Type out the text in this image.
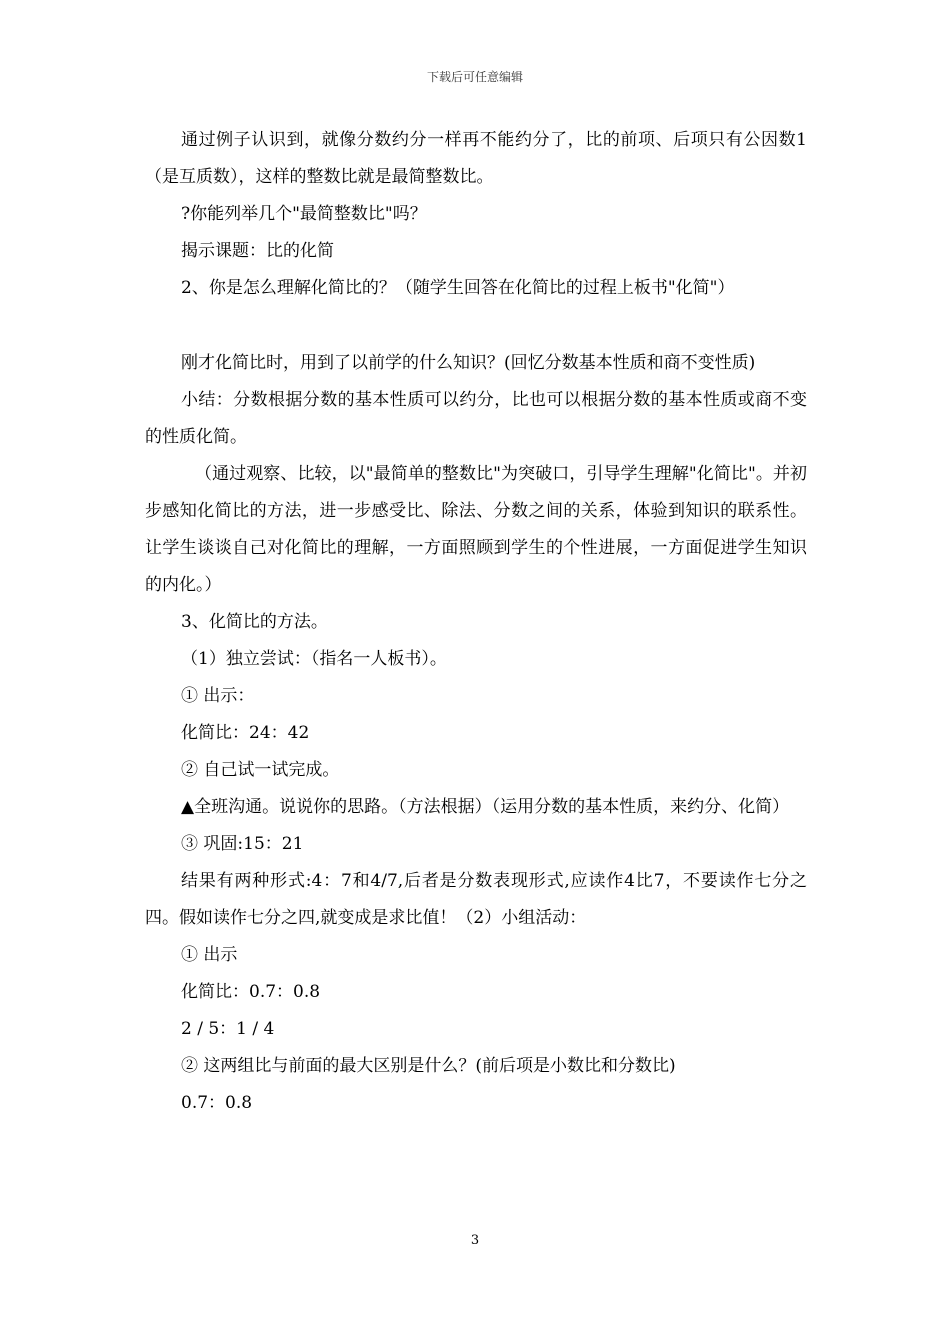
下载后可任意编辑

通过例子认识到，就像分数约分一样再不能约分了，比的前项、后项只有公因数1（是互质数），这样的整数比就是最简整数比。

?你能列举几个"最简整数比"吗？

揭示课题：比的化简

2、你是怎么理解化简比的？（随学生回答在化简比的过程上板书"化简"）

刚才化简比时，用到了以前学的什么知识？(回忆分数基本性质和商不变性质)

小结：分数根据分数的基本性质可以约分，比也可以根据分数的基本性质或商不变的性质化简。

（通过观察、比较，以"最简单的整数比"为突破口，引导学生理解"化简比"。并初步感知化简比的方法，进一步感受比、除法、分数之间的关系，体验到知识的联系性。让学生谈谈自己对化简比的理解，一方面照顾到学生的个性进展，一方面促进学生知识的内化。）

3、化简比的方法。

（1）独立尝试：（指名一人板书）。

① 出示：

化简比：24：42

② 自己试一试完成。

▲全班沟通。说说你的思路。（方法根据）（运用分数的基本性质，来约分、化简）

③ 巩固:15：21

结果有两种形式:4：7和4/7,后者是分数表现形式,应读作4比7，不要读作七分之四。假如读作七分之四,就变成是求比值！（2）小组活动：

① 出示

化简比：0.7：0.8

2 / 5：1 / 4

② 这两组比与前面的最大区别是什么？(前后项是小数比和分数比)

0.7：0.8

3
